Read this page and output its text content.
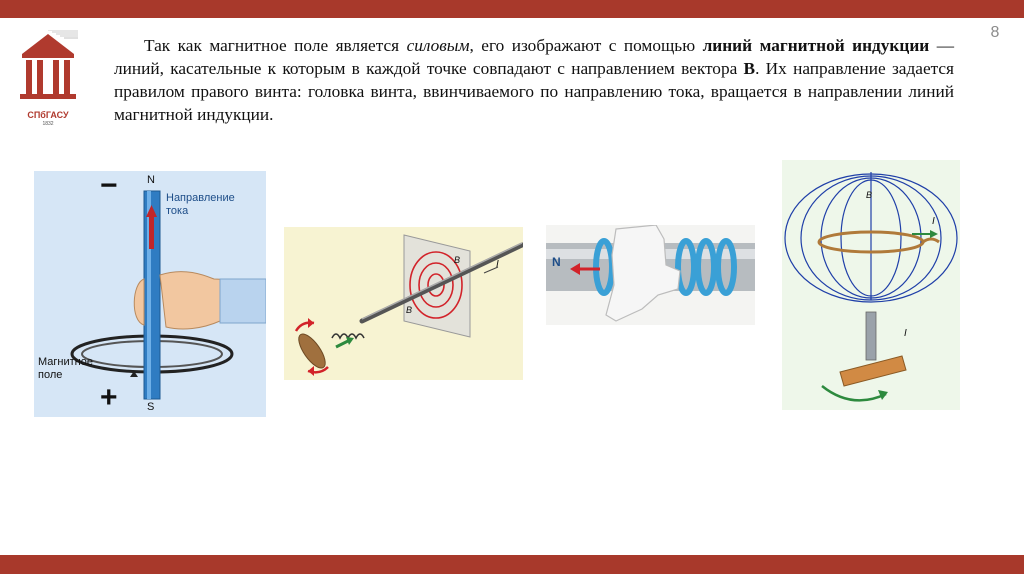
8
СПбГАСУ
1832
Так как магнитное поле является силовым, его изображают с помощью линий магнитной индукции — линий, касательные к которым в каждой точке совпадают с направлением вектора B. Их направление задается правилом правого винта: головка винта, ввинчиваемого по направлению тока, вращается в направлении линий магнитной индукции.
−	N
Направление
тока
Магнитное
поле
+	S
B
B
I	N
B
I
I
